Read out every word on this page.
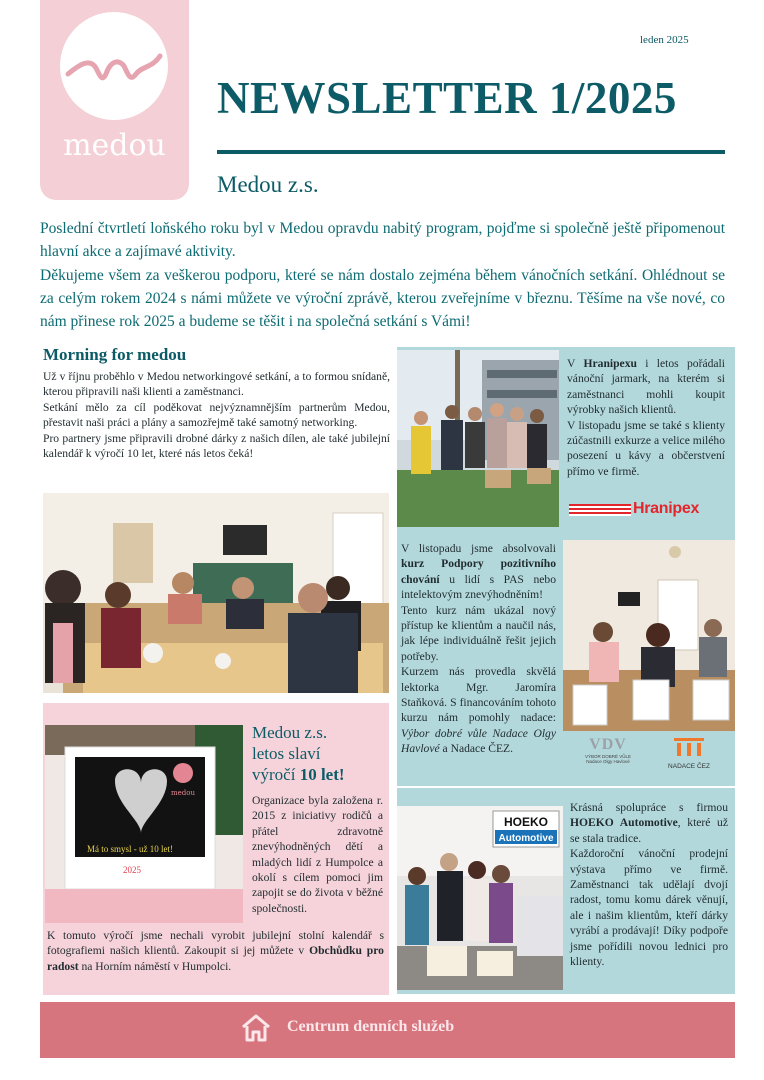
medou
leden 2025
NEWSLETTER 1/2025
Medou z.s.

Poslední čtvrtletí loňského roku byl v Medou opravdu nabitý program, pojďme si společně ještě připomenout hlavní akce a zajímavé aktivity.

Děkujeme všem za veškerou podporu, které se nám dostalo zejména během vánočních setkání. Ohlédnout se za celým rokem 2024 s námi můžete ve výroční zprávě, kterou zveřejníme v březnu. Těšíme na vše nové, co nám přinese rok 2025 a budeme se těšit i na společná setkání s Vámi!

Morning for medou

Už v říjnu proběhlo v Medou networkingové setkání, a to formou snídaně, kterou připravili naši klienti a zaměstnanci.

Setkání mělo za cíl poděkovat nejvýznamnějším partnerům Medou, přestavit naši práci a plány a samozřejmě také samotný networking.

Pro partnery jsme připravili drobné dárky z našich dílen, ale také jubilejní kalendář k výročí 10 let, které nás letos čeká!

V Hranipexu i letos pořádali vánoční jarmark, na kterém si zaměstnanci mohli koupit výrobky našich klientů.

V listopadu jsme se také s klienty zúčastnili exkurze a velice milého posezení u kávy a občerstvení přímo ve firmě.

Hranipex

V listopadu jsme absolvovali kurz Podpory pozitivního chování u lidí s PAS nebo intelektovým znevýhodněním!

Tento kurz nám ukázal nový přístup ke klientům a naučil nás, jak lépe individuálně řešit jejich potřeby.

Kurzem nás provedla skvělá lektorka Mgr. Jaromíra Staňková. S financováním tohoto kurzu nám pomohly nadace: Výbor dobré vůle Nadace Olgy Havlové a Nadace ČEZ.	VDV
VÝBOR DOBRÉ VŮLE
Nadace Olgy Havlové
NADACE ČEZ
HOEKO
Automotive

Krásná spolupráce s firmou HOEKO Automotive, které už se stala tradice.

Každoroční vánoční prodejní výstava přímo ve firmě. Zaměstnanci tak udělají dvojí radost, tomu komu dárek věnují, ale i našim klientům, kteří dárky vyrábí a prodávají! Díky podpoře jsme pořídili novou lednici pro klienty.

medou
Má to smysl - už 10 let!
2025
Medou z.s.
letos slaví
výročí 10 let!
Organizace byla založena r. 2015 z iniciativy rodičů a přátel zdravotně znevýhodněných dětí a mladých lidí z Humpolce a okolí s cílem pomoci jim zapojit se do života v běžné společnosti.
K tomuto výročí jsme nechali vyrobit jubilejní stolní kalendář s fotografiemi našich klientů. Zakoupit si jej můžete v Obchůdku pro radost na Horním náměstí v Humpolci.
Centrum denních služeb
